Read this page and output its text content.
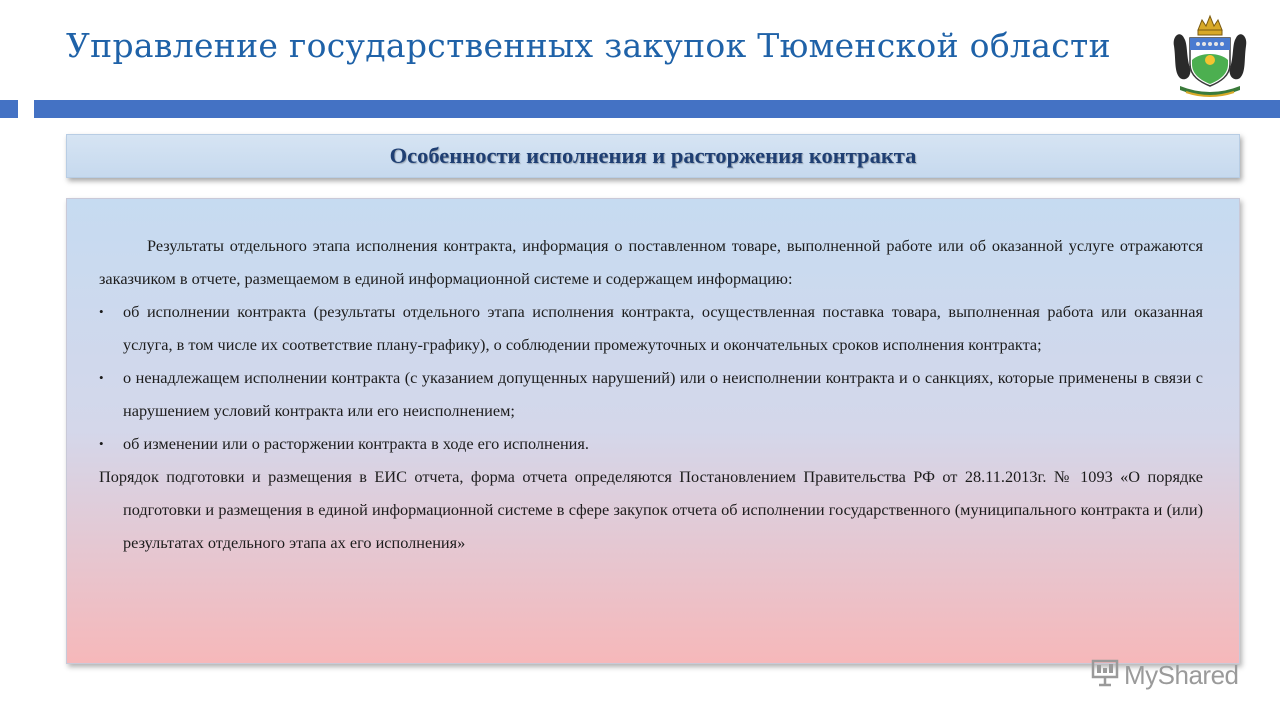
Управление государственных закупок Тюменской области
Особенности исполнения и расторжения контракта

Результаты отдельного этапа исполнения контракта, информация о поставленном товаре, выполненной работе или об оказанной услуге отражаются заказчиком в отчете, размещаемом в единой информационной системе и содержащем информацию:

• об исполнении контракта (результаты отдельного этапа исполнения контракта, осуществленная поставка товара, выполненная работа или оказанная услуга, в том числе их соответствие плану-графику), о соблюдении промежуточных и окончательных сроков исполнения контракта;
• о ненадлежащем исполнении контракта (с указанием допущенных нарушений) или о неисполнении контракта и о санкциях, которые применены в связи с нарушением условий контракта или его неисполнением;
• об изменении или о расторжении контракта в ходе его исполнения.

Порядок подготовки и размещения в ЕИС отчета, форма отчета определяются Постановлением Правительства РФ от 28.11.2013г. № 1093 «О порядке подготовки и размещения в единой информационной системе в сфере закупок отчета об исполнении государственного (муниципального контракта и (или) результатах отдельного этапа ах его исполнения»

MyShared
